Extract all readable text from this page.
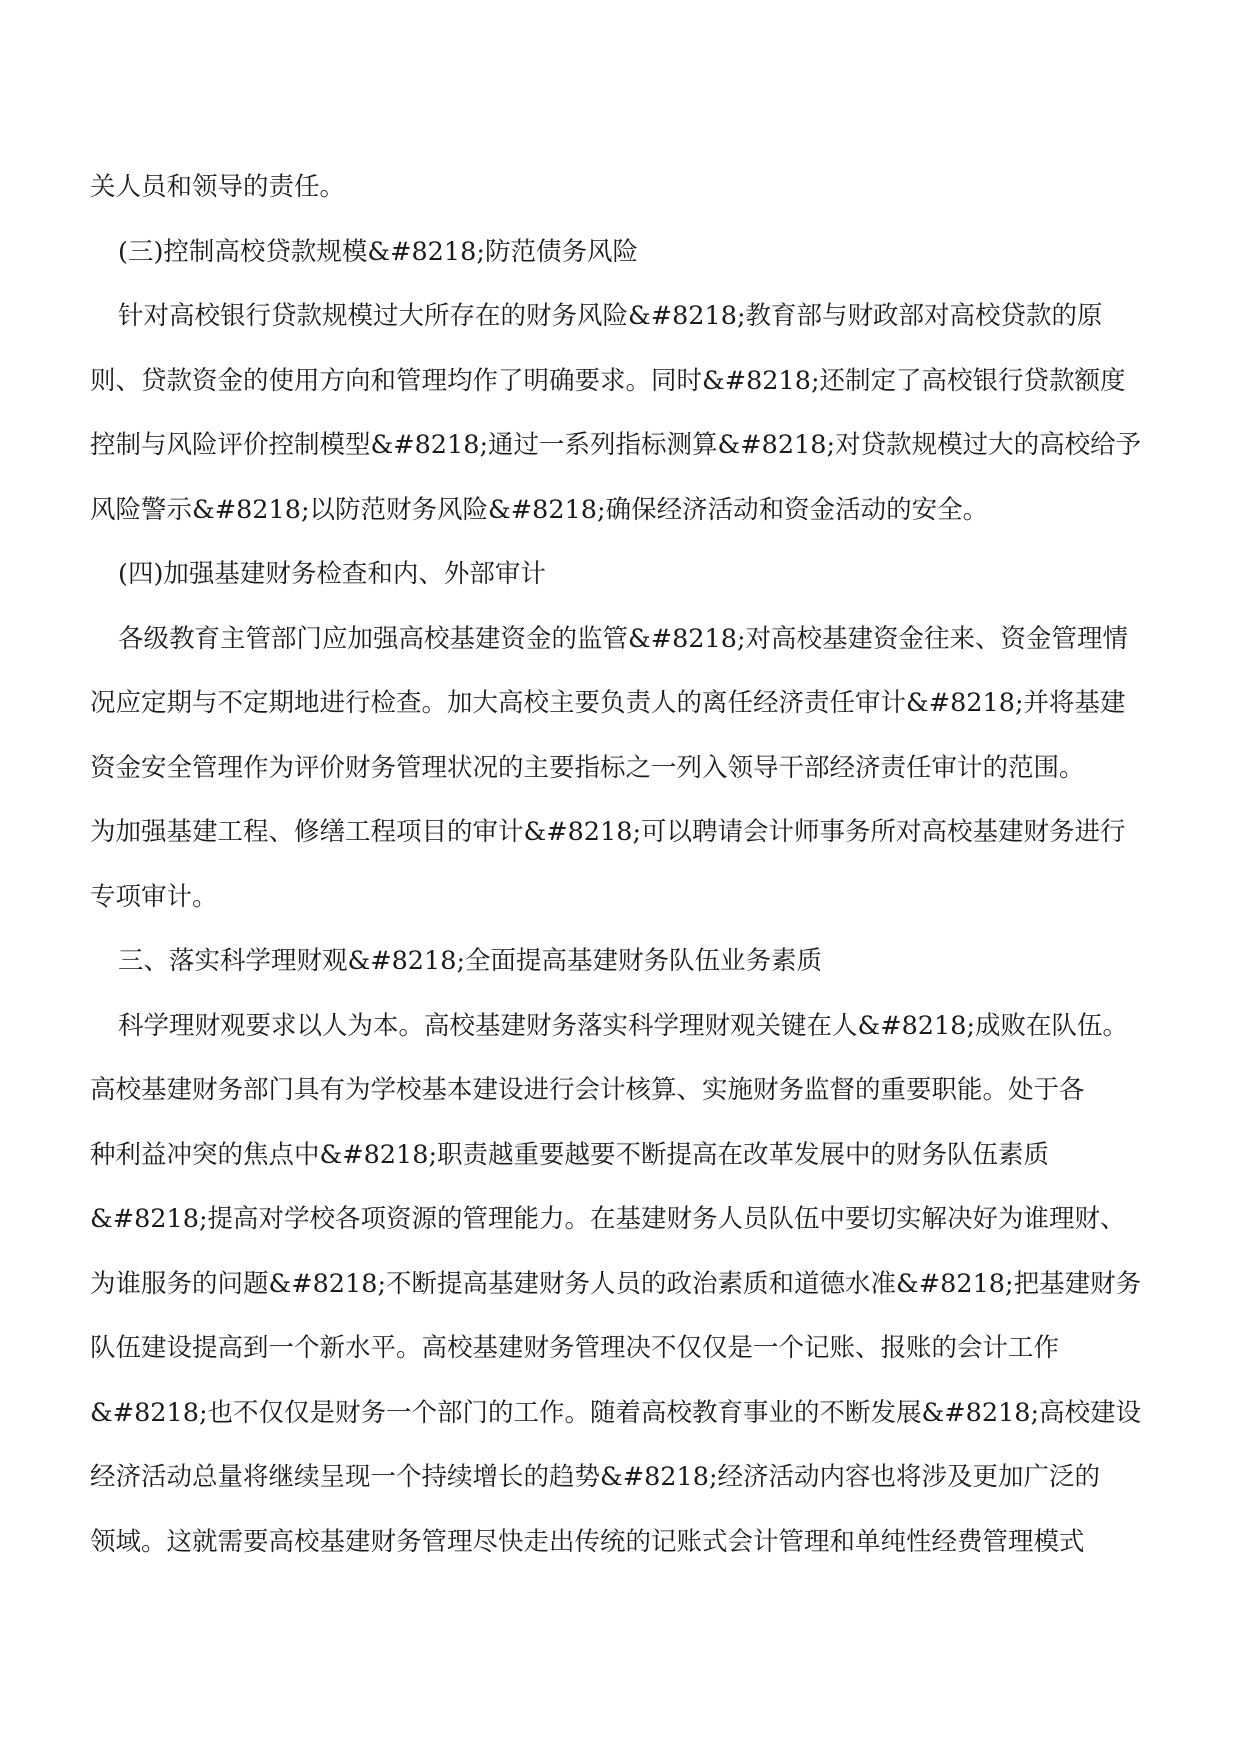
关人员和领导的责任。
(三)控制高校贷款规模&#8218;防范债务风险
针对高校银行贷款规模过大所存在的财务风险&#8218;教育部与财政部对高校贷款的原
则、贷款资金的使用方向和管理均作了明确要求。同时&#8218;还制定了高校银行贷款额度
控制与风险评价控制模型&#8218;通过一系列指标测算&#8218;对贷款规模过大的高校给予
风险警示&#8218;以防范财务风险&#8218;确保经济活动和资金活动的安全。
(四)加强基建财务检查和内、外部审计
各级教育主管部门应加强高校基建资金的监管&#8218;对高校基建资金往来、资金管理情
况应定期与不定期地进行检查。加大高校主要负责人的离任经济责任审计&#8218;并将基建
资金安全管理作为评价财务管理状况的主要指标之一列入领导干部经济责任审计的范围。
为加强基建工程、修缮工程项目的审计&#8218;可以聘请会计师事务所对高校基建财务进行
专项审计。
三、落实科学理财观&#8218;全面提高基建财务队伍业务素质
科学理财观要求以人为本。高校基建财务落实科学理财观关键在人&#8218;成败在队伍。
高校基建财务部门具有为学校基本建设进行会计核算、实施财务监督的重要职能。处于各
种利益冲突的焦点中&#8218;职责越重要越要不断提高在改革发展中的财务队伍素质
&#8218;提高对学校各项资源的管理能力。在基建财务人员队伍中要切实解决好为谁理财、
为谁服务的问题&#8218;不断提高基建财务人员的政治素质和道德水准&#8218;把基建财务
队伍建设提高到一个新水平。高校基建财务管理决不仅仅是一个记账、报账的会计工作
&#8218;也不仅仅是财务一个部门的工作。随着高校教育事业的不断发展&#8218;高校建设
经济活动总量将继续呈现一个持续增长的趋势&#8218;经济活动内容也将涉及更加广泛的
领域。这就需要高校基建财务管理尽快走出传统的记账式会计管理和单纯性经费管理模式
